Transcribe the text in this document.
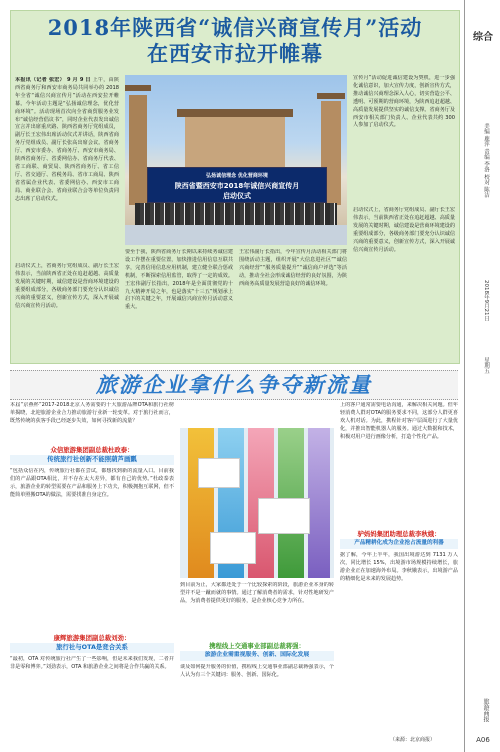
2018年陕西省“诚信兴商宣传月”活动
在西安市拉开帷幕
本报讯（记者 张宏） 9 月 9 日 上午，由陕西省商务厅和西安市商务局共同举办的 2018 年全省“诚信兴商宣传月”活动在西安拉开帷幕。今年活动主题是“弘扬诚信理念，优化营商环境”。活动现场首次向全省商贸服务业发布“诚信经营倡议书”，同时企业代表发出诚信宣言并出席重庆路、陕西省商务厅党组成员，副厅长王宏伟出席活动仪式并讲话，陕西省商务厅党组成员、副厅长张高出席会议。省商务厅、西安市委办、省商务厅、西安市商务局、陕西省商务厅、省委网信办、省商务厅代表、省工商联、商贸局、陕西省商务厅、省工信厅、省交通厅、省税务局、省市工商局、陕西省省属企业代表、省委网信办、西安市工商局、商业联合会、省商业联合会等单位负责同志出席了启动仪式。
弘扬诚信理念 优化营商环境
陕西省暨西安市2018年诚信兴商宣传月
启动仪式
宣传月”活动促进诚信建设为契机，进一步强化诚信意识，加大宣传力度，创新宣传方式，推动诚信兴商理念深入人心，切实营造公平、透明、可预期的营商环境，为陕西追赶超越、高质量发展提供坚实的诚信支撑。省商务厅及西安市相关部门负责人、企业代表共约 300 人参加了启动仪式。
启动仪式上，省商务厅党组成员、副厅长王宏伟表示，当前陕西省正处在追赶超越、高质量发展的关键时期，诚信建设是营商环境建设的重要组成部分，各级商务部门要充分认识诚信兴商的重要意义，创新宣传方式，深入开展诚信兴商宣传月活动。
启动仪式上，省商务厅党组成员、副厅长王宏伟表示，当前陕西省正处在追赶超越、高质量发展的关键时期，诚信建设是营商环境建设的重要组成部分，各级商务部门要充分认识诚信兴商的重要意义，创新宣传方式，深入开展诚信兴商宣传月活动。
要至于我，陕西省商务厅长期以来持续务诚信建设工作摆在重要位置，加快推进信用信息互联共享，完善信用信息应用机制，建立健全联合惩戒机制，不断探索信用监管，取得了一定的成效。王宏伟副厅长指出，2018年是全面贯彻党的十九大精神开局之年，也是落实“十三五”规划承上启下的关键之年，开展诚信兴商宣传月活动意义重大。
王宏伟副厅长指出，今年宣传月活动相关部门将围绕活动主题，组织开展“大信息进社区”“诚信兴商经营”“服务质量提升”“诚信商户评选”等活动，推动全社会形成诚信经营的良好氛围，为陕西商务高质量发展营造良好的诚信环境。
旅游企业拿什么争夺新流量
本届“京燕杯”2017-2018北京人务需要的十大旅游品牌OTA和旅行社榜单揭晓，北迎旅游企业合力推动旅游行业新一轮变革。对于旅行社而言，既然传统的获客手段已经逐步失效，如何寻找新的流量？
众信旅游集团副总裁杜政泰：
传统旅行社创新不能照葫芦画瓢
“包括众信在内，传统旅行社都在尝试，都想找到新的流量入口。目前我们的产品跟OTA相比，并不存在太大差异，都有自己的优势。”杜政泰表示，旅游企业的转型需要在产品和服务上下功夫，积极拥抱互联网，但不能简单照搬OTA的做法，需要找准自身定位。
康辉旅游集团副总裁刘劲：
旅行社与OTA是竞合关系
“最初，OTA 对传统旅行社产生了一些影响，但是未来我们发现，二者并非是零和博弈。”刘劲表示，OTA 和旅游企业之间将是合作共赢的关系。
到目前为止，大家都还处于一个比较探索的阶段，旅游企业本身的转型并不是一蹴而就的事情。通过了解消费者的需求，针对性地研发产品，为消费者提供更好的服务，是企业核心竞争力所在。
携程线上交通事业部副总裁蒋强：
旅游企业需重视服务、创新、国际化发展
谈及如何提升服务的价值，携程线上交通事业部副总裁蒋强表示，个人认为有三个关键词：服务、创新、国际化。
上的客户通常需要电话沟通，来解决相关问题。但年轻消费人群对OTA的服务要求不同，这部分人群更喜欢人机对话。为此，携程针对客户层面进行了大量优化，并推出智能机器人的服务。通过大数据和技术，积极对用户进行画像分析，打造个性化产品。
驴妈妈集团助理总裁李秋娥：
产品精耕化成为企业抢占流量的利器
据了解，今年上半年，我国出境游达到 7131 万人次，同比增长 15%，出境游市场规模持续增长，旅游企业正在加速海外布局。李秋娥表示，出境游产品的精细化是未来的发展趋势。
（来源：北京商报）
综合
美编 鹿萍 责编 李洛 校对 陈洁
2018年9月21日
星期五
旅游商报
A06
